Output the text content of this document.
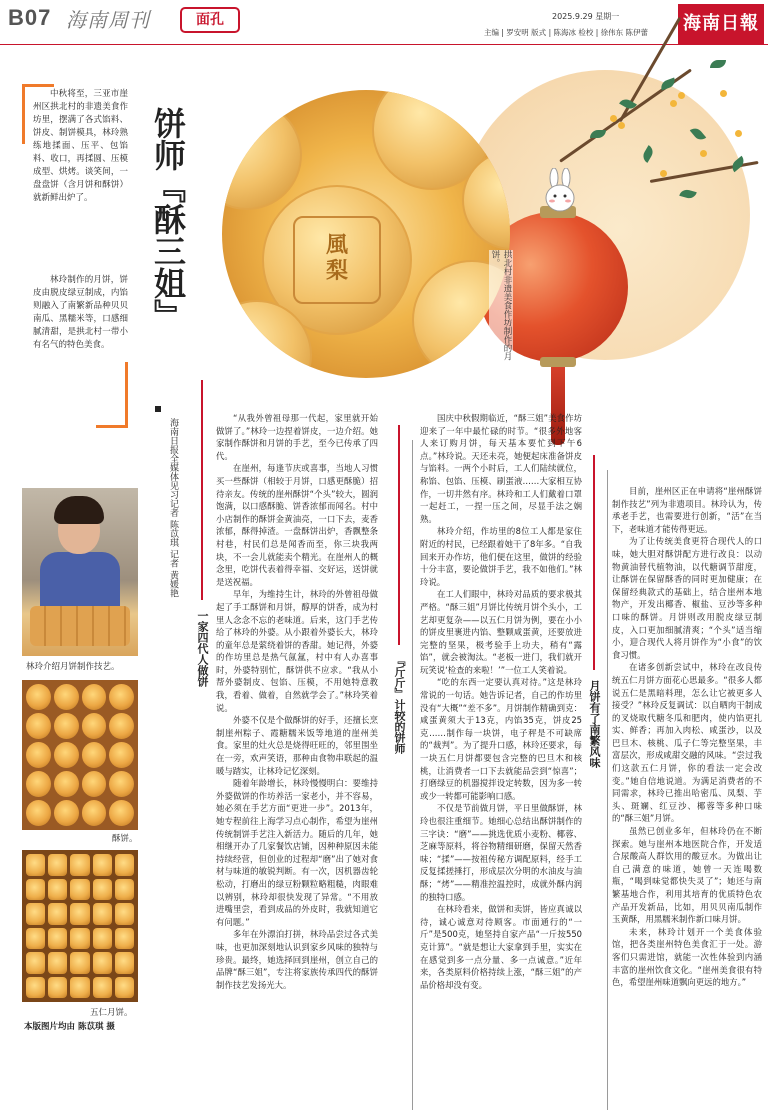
B07 海南周刊	面孔	2025.9.29 星期一
主编 | 罗安明 版式 | 陈海冰 检校 | 徐伟东 陈伊蕾 海南日報
中秋将至，三亚市崖州区拱北村的非遗美食作坊里，摆满了各式馅料、饼皮、制饼模具，林玲熟练地揉面、压平、包馅料、收口，再揉圆、压模成型、烘烤。谈笑间，一盘盘饼（含月饼和酥饼）就新鲜出炉了。
林玲制作的月饼，饼皮由脱皮绿豆制成，内馅则融入了南繁新品种贝贝南瓜、黑糯米等，口感细腻清甜，是拱北村一带小有名气的特色美食。
饼师『酥三姐』	風
梨	拱北村非遗美食作坊制作的月饼。
海南日报全媒体见习记者 陈苡琪 记者 黄媛艳
林玲介绍月饼制作技艺。
酥饼。
五仁月饼。
本版图片均由 陈苡琪 摄
一家四代人做饼
『斤斤』计较的饼师	月饼有了南繁风味

“从我外曾祖母那一代起，家里就开始做饼了。”林玲一边捏着饼皮，一边介绍。她家制作酥饼和月饼的手艺，至今已传承了四代。

在崖州，每逢节庆或喜事，当地人习惯买一些酥饼（相较于月饼，口感更酥脆）招待亲友。传统的崖州酥饼“个头”较大，圆润饱满，以口感酥脆、饼香浓郁而闻名。村中小店制作的酥饼金黄油亮，一口下去，麦香浓郁，酥得掉渣。一盘酥饼出炉，香飘整条村巷，村民们总是闻香而至，你三块我两块，不一会儿就能卖个精光。在崖州人的概念里，吃饼代表着得幸福、交好运，送饼就是送祝福。

早年，为维持生计，林玲的外曾祖母做起了手工酥饼和月饼，醇厚的饼香，成为村里人念念不忘的老味道。后来，这门手艺传给了林玲的外婆。从小跟着外婆长大，林玲的童年总是萦绕着饼的香甜。她记得，外婆的作坊里总是热气氤氲，村中有人办喜事时，外婆特别忙，酥饼供不应求。“我从小帮外婆制皮、包馅、压模，不用她特意教我，看着、做着，自然就学会了。”林玲笑着说。

外婆不仅是个做酥饼的好手，还擅长烹制崖州粽子、霞糖糯米饭等地道的崖州美食。家里的灶火总是烧得旺旺的，邻里围坐在一旁，欢声笑语，那种由食物串联起的温暖与踏实，让林玲记忆深刻。

随着年龄增长，林玲慢慢明白：要维持外婆做饼的作坊养活一家老小，并不容易，她必须在手艺方面“更进一步”。2013年，她专程前往上海学习点心制作，希望为崖州传统制饼手艺注入新活力。随后的几年，她相继开办了几家餐饮店铺，因种种原因未能持续经营，但创业的过程却“磨”出了她对食材与味道的敏锐判断。有一次，因机器齿轮松动，打磨出的绿豆粉颗粒略粗糙，肉眼难以辨别，林玲却很快发现了异常。“不用放进嘴里尝，看到成品的外皮时，我就知道它有问题。”

多年在外漂泊打拼，林玲品尝过各式美味，也更加深刻地认识到家乡风味的独特与珍贵。最终，她选择回到崖州，创立自己的品牌“酥三姐”，专注将家族传承四代的酥饼制作技艺发扬光大。

国庆中秋假期临近，“酥三姐”美食作坊迎来了一年中最忙碌的时节。“很多外地客人来订购月饼，每天基本要忙到下午6点。”林玲说。天还未亮，她便起床准备饼皮与馅料。一两个小时后，工人们陆续就位，称馅、包馅、压模、刷蛋液……大家相互协作，一切井然有序。林玲和工人们戴着口罩一起赶工，一捏一压之间，尽显手法之娴熟。

林玲介绍，作坊里的8位工人都是家住附近的村民，已经跟着她干了8年多。“自我回来开办作坊，他们便在这里，做饼的经验十分丰富，要论做饼手艺，我不如他们。”林玲说。

在工人们眼中，林玲对品质的要求极其严格。“酥三姐”月饼比传统月饼个头小，工艺却更复杂——以五仁月饼为例，要在小小的饼皮里裹进内馅、整颗咸蛋黄，还要放进完整的坚果，极考验手上功夫，稍有“露馅”，就会被淘汰。“老板一进门，我们就开玩笑说‘检查的来啦！’”一位工人笑着说。

“吃的东西一定要认真对待。”这是林玲常说的一句话。她告诉记者，自己的作坊里没有“大概”“差不多”。月饼制作精确到克：咸蛋黄须大于13克，内馅35克，饼皮25克……制作每一块饼，电子秤是不可缺席的“裁判”。为了提升口感，林玲还要求，每一块五仁月饼都要包含完整的巴旦木和核桃，让消费者一口下去就能品尝到“惊喜”；打磨绿豆的机器搅拌设定转数，因为多一转或少一转都可能影响口感。

不仅是节前做月饼，平日里做酥饼，林玲也很注重细节。她细心总结出酥饼制作的三字诀：“磨”——挑选优质小麦粉、椰蓉、芝麻等原料，将谷物精细研磨，保留天然香味；“揉”——按祖传秘方调配原料，经手工反复揉搓捶打，形成层次分明的水油皮与油酥；“烤”——精准控温控时，成就外酥内润的独特口感。

在林玲看来，做饼和卖饼，皆应真诚以待，诚心诚意对待顾客。市面通行的“一斤”是500克，她坚持自家产品“一斤按550克计算”。“就是想让大家拿到手里，实实在在感觉到多一点分量、多一点诚意。”近年来，各类原料价格持续上涨，“酥三姐”的产品价格却没有变。

目前，崖州区正在申请将“崖州酥饼制作技艺”列为非遗项目。林玲认为，传承老手艺，也需要进行创新，“活”在当下，老味道才能传得更远。

为了让传统美食更符合现代人的口味，她大胆对酥饼配方进行改良：以动物黄油替代植物油，以代糖调节甜度，让酥饼在保留酥香的同时更加健康；在保留经典款式的基础上，结合崖州本地物产，开发出椰香、椒盐、豆沙等多种口味的酥饼。月饼则改用脱皮绿豆制皮，入口更加细腻清爽；“个头”适当缩小，迎合现代人将月饼作为“小食”的饮食习惯。

在诸多创新尝试中，林玲在改良传统五仁月饼方面花心思最多。“很多人都说五仁是黑暗料理，怎么让它被更多人接受？”林玲反复调试：以自晒肉干制成的叉烧取代糖冬瓜和肥肉，使内馅更扎实、鲜香；再加入肉松、咸蛋沙，以及巴旦木、核桃、瓜子仁等完整坚果，丰富层次，形成咸甜交融的风味。“尝过我们这款五仁月饼，你的看法一定会改变。”她自信地说道。为满足消费者的不同需求，林玲已推出哈密瓜、凤梨、芋头、斑斓、红豆沙、椰蓉等多种口味的“酥三姐”月饼。

虽然已创业多年，但林玲仍在不断探索。她与崖州本地医院合作，开发适合尿酸高人群饮用的酸豆水。为做出让自己满意的味道，她曾一天连喝数瓶，“喝到味觉都快失灵了”；她还与南繁基地合作，利用其培育的优质特色农产品开发新品，比如，用贝贝南瓜制作玉黄酥，用黑糯米制作新口味月饼。

未来，林玲计划开一个美食体验馆，把各类崖州特色美食汇于一处。游客们只需进馆，就能一次性体验到内涵丰富的崖州饮食文化。“崖州美食很有特色，希望崖州味道飘向更远的地方。”
